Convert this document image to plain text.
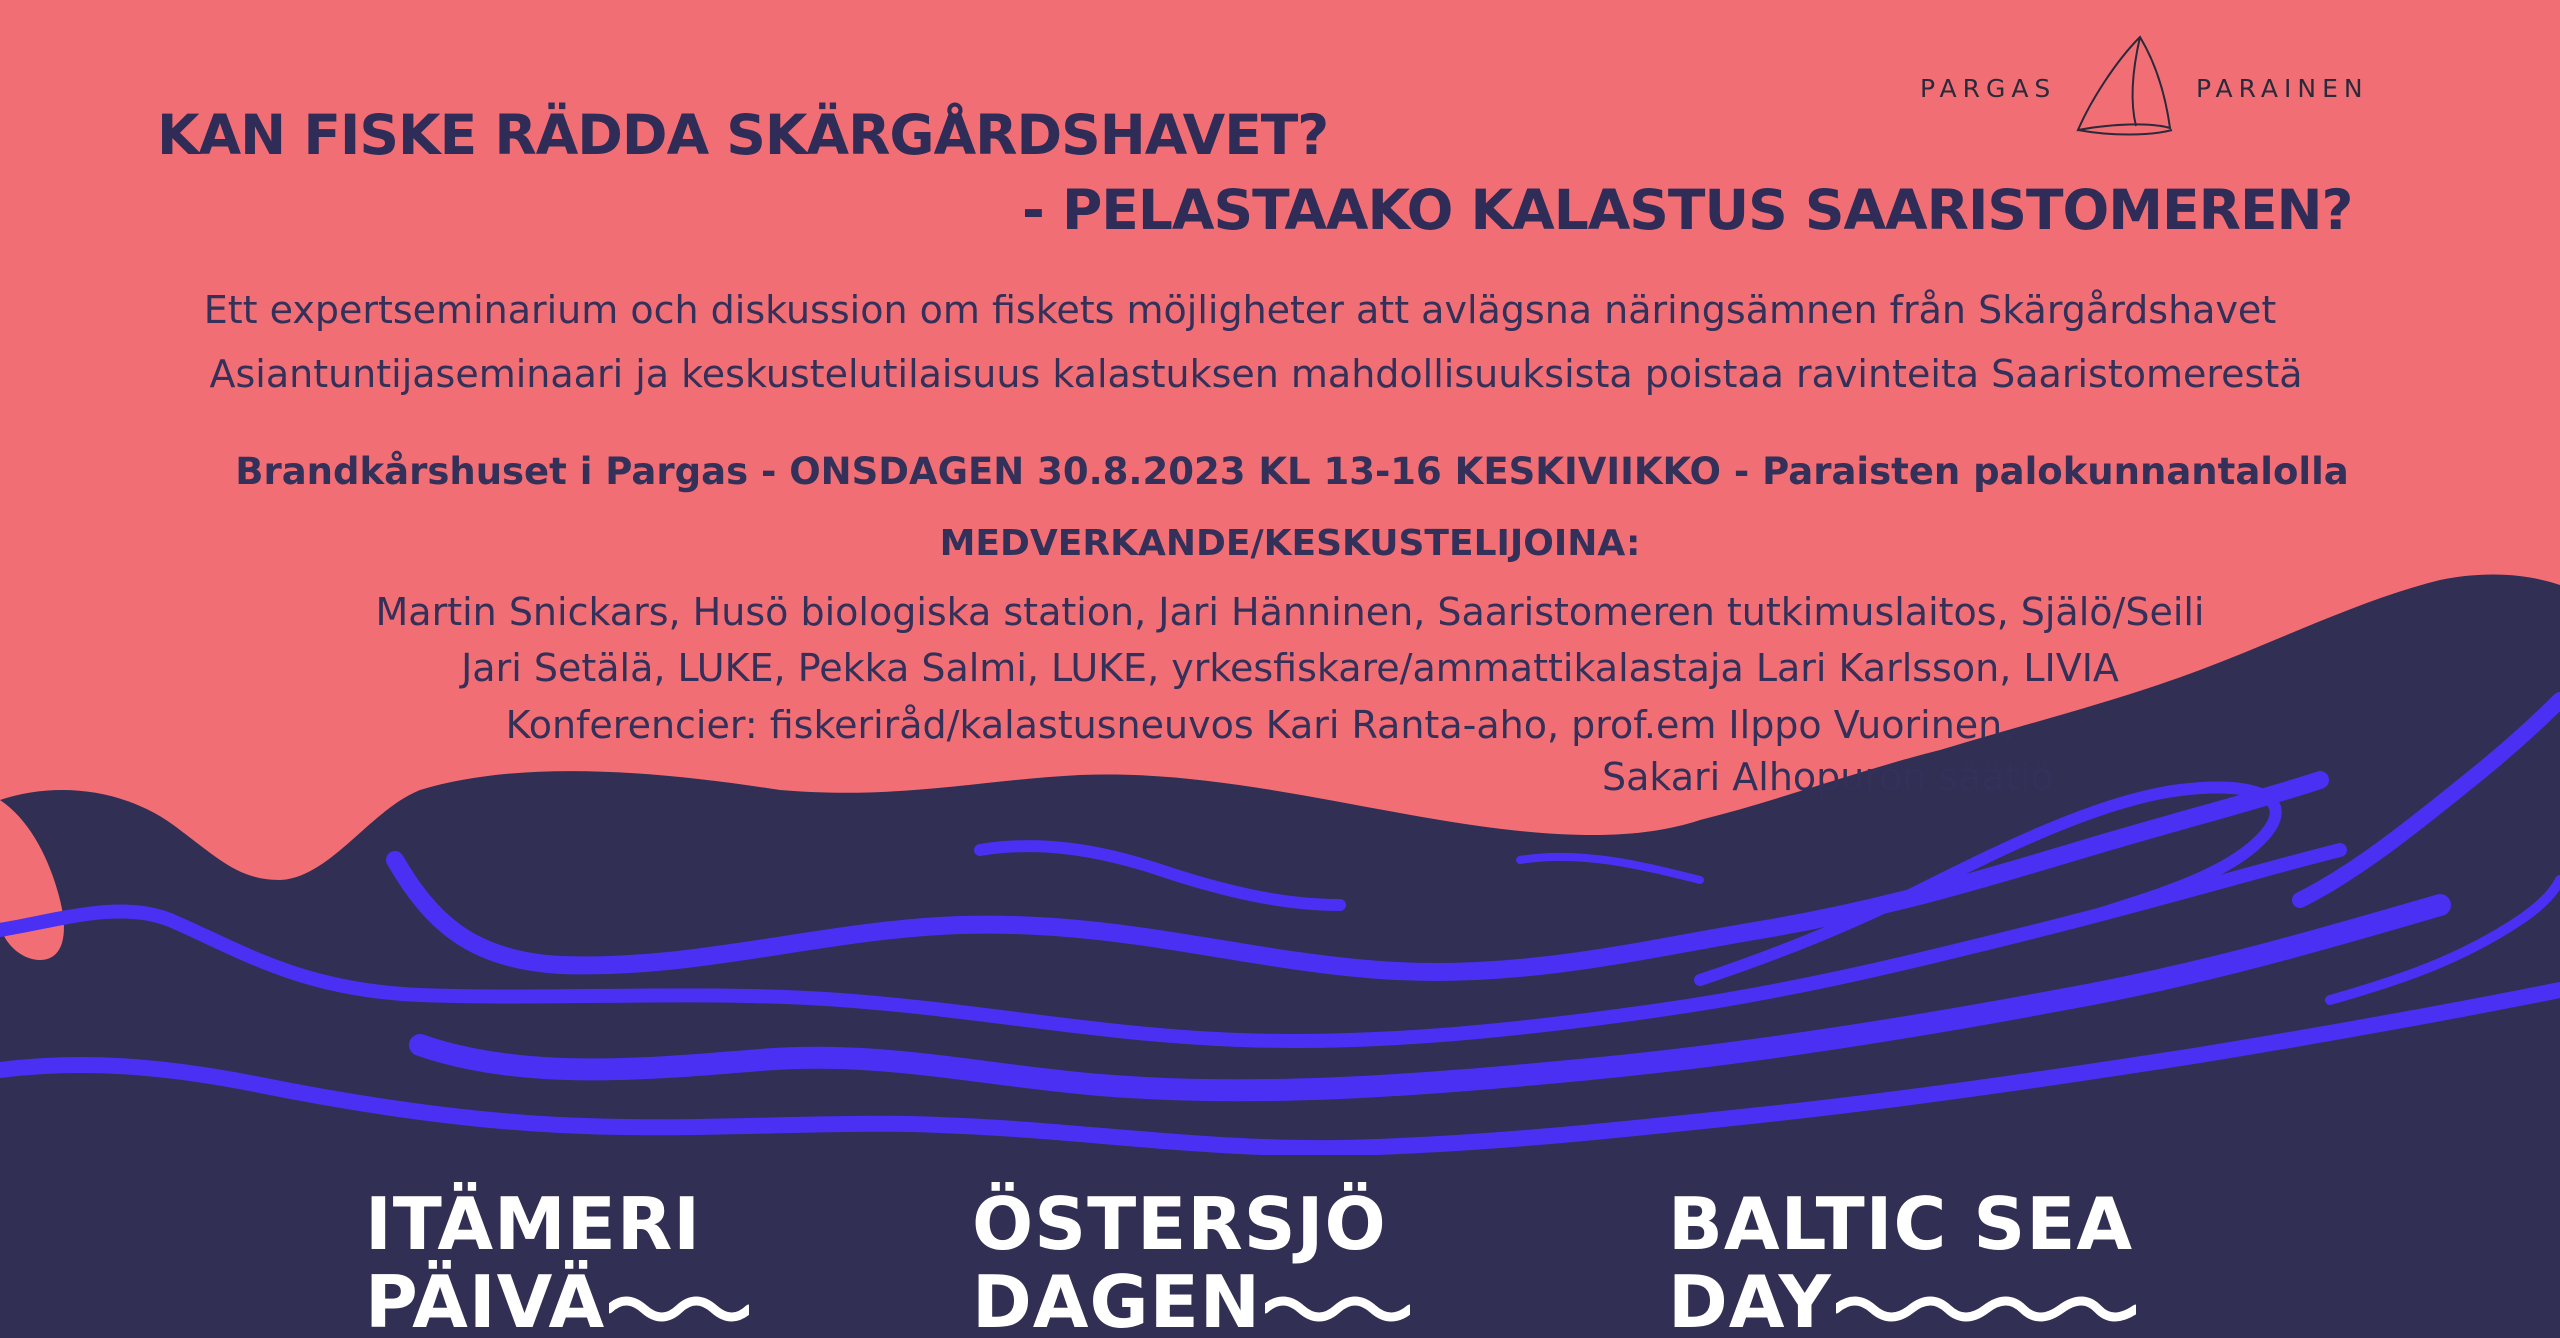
PARGAS	PARAINEN
KAN FISKE RÄDDA SKÄRGÅRDSHAVET?
- PELASTAAKO KALASTUS SAARISTOMEREN?
Ett expertseminarium och diskussion om fiskets möjligheter att avlägsna näringsämnen från Skärgårdshavet
Asiantuntijaseminaari ja keskustelutilaisuus kalastuksen mahdollisuuksista poistaa ravinteita Saaristomerestä
Brandkårshuset i Pargas - ONSDAGEN 30.8.2023 KL 13-16 KESKIVIIKKO - Paraisten palokunnantalolla
MEDVERKANDE/KESKUSTELIJOINA:
Martin Snickars, Husö biologiska station, Jari Hänninen, Saaristomeren tutkimuslaitos, Själö/Seili
Jari Setälä, LUKE, Pekka Salmi, LUKE, yrkesfiskare/ammattikalastaja Lari Karlsson, LIVIA
Konferencier: fiskeriråd/kalastusneuvos Kari Ranta-aho, prof.em Ilppo Vuorinen,
Sakari Alhopuron säätiö
ITÄMERI
PÄIVÄ
ÖSTERSJÖ
DAGEN
BALTIC SEA
DAY
